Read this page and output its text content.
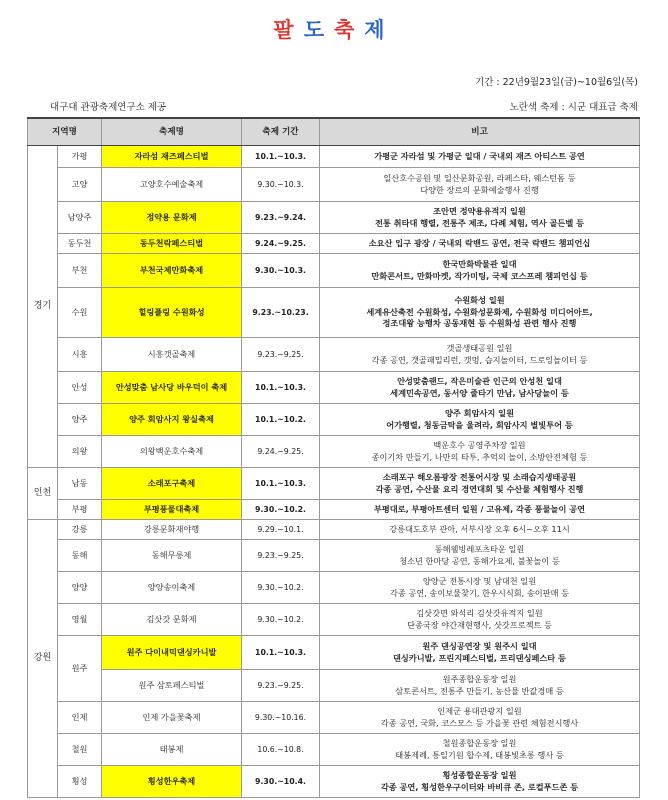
팔도축제
기간 : 22년9월23일(금)~10월6일(목)
대구대 관광축제연구소 제공	노란색 축제 : 시군 대표급 축제
지역명		축제명	축제 기간	비고
경기	가평	자라섬 재즈페스티벌	10.1.~10.3.	가평군 자라섬 및 가평군 일대 / 국내외 재즈 아티스트 공연
	고양	고양호수예술축제	9.30.~10.3.	일산호수공원 및 일산문화공원, 라페스타, 웨스턴돔 등
다양한 장르의 문화예술행사 진행
	남양주	정약용 문화제	9.23.~9.24.	조안면 정약용유적지 일원
전통 취타대 행렬, 전통주 제조, 다례 체험, 역사 골든벨 등
	동두천	동두천락페스티벌	9.24.~9.25.	소요산 입구 광장 / 국내외 락밴드 공연, 전국 락밴드 챔피언십
	부천	부천국제만화축제	9.30.~10.3.	한국만화박물관 일대
만화콘서트, 만화마켓, 작가미팅, 국제 코스프레 챔피언십 등
	수원	힐링플링 수원화성	9.23.~10.23.	수원화성 일원
세계유산축전 수원화성, 수원화성문화제, 수원화성 미디어아트,
정조대왕 능행차 공동재현 등 수원화성 관련 행사 진행
	시흥	시흥갯골축제	9.23.~9.25.	갯골생태공원 일원
각종 공연, 갯골패밀리런, 갯멍, 습지놀이터, 드로잉놀이터 등
	안성	안성맞춤 남사당 바우덕이 축제	10.1.~10.3.	안성맞춤랜드, 작은미술관 인근의 안성천 일대
세계민속공연, 동서양 줄타기 만남, 남사당놀이 등
	양주	양주 회암사지 왕실축제	10.1.~10.2.	양주 회암사지 일원
어가행렬, 청동금탁을 울려라, 회암사지 별빛투어 등
	의왕	의왕백운호수축제	9.24.~9.25.	백운호수 공영주차장 일원
종이기차 만들기, 나만의 타투, 추억의 놀이, 소방안전체험 등
인천	남동	소래포구축제	10.1.~10.3.	소래포구 해오름광장 전통어시장 및 소래습지생태공원
각종 공연, 수산물 요리 경연대회 및 수산물 체험행사 진행
	부평	부평풍물대축제	9.30.~10.2.	부평대로, 부평아트센터 일원 / 고유제, 각종 풍물놀이 공연
강원	강릉	강릉문화재야행	9.29.~10.1.	강릉대도호부 관아, 서부시장 오후 6시~오후 11시
	동해	동해무릉제	9.23.~9.25.	동해웰빙레포츠타운 일원
청소년 한마당 공연, 동해가요제, 불꽃놀이 등
	양양	양양송이축제	9.30.~10.2.	양양군 전통시장 및 남대천 일원
각종 공연, 송이보물찾기, 한우시식회, 송이판매 등
	영월	김삿갓 문화제	9.30.~10.2.	김삿갓면 와석리 김삿갓유적지 일원
단종국장 야간재현행사, 삿갓프로젝트 등
	원주	원주 다이내믹댄싱카니발	10.1.~10.3.	원주 댄싱공연장 및 원주시 일대
댄싱카니발, 프린지페스티벌, 프리댄싱페스타 등
		원주 삼토페스티벌	9.23.~9.25.	원주종합운동장 일원
삼토콘서트, 전통주 만들기, 농산물 반값경매 등
	인제	인제 가을꽃축제	9.30.~10.16.	인제군 용대관광지 일원
각종 공연, 국화, 코스모스 등 가을꽃 관련 체험전시행사
	철원	태봉제	10.6.~10.8.	철원종합운동장 일원
태봉제례, 통일기원 합수제, 태봉빛초롱 행사 등
	횡성	횡성한우축제	9.30.~10.4.	횡성종합운동장 일원
각종 공연, 횡성한우구이터와 바비큐 존, 로컬푸드존 등
